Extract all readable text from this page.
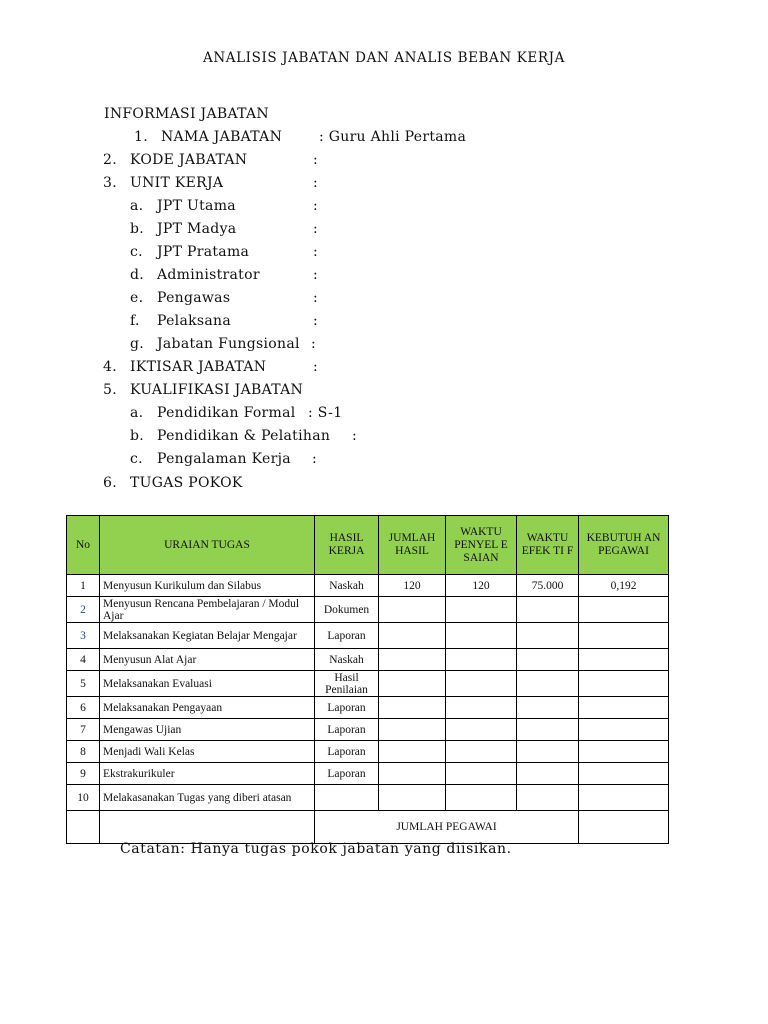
ANALISIS JABATAN DAN ANALIS BEBAN KERJA
INFORMASI JABATAN
1. NAMA JABATAN	: Guru Ahli Pertama
2. KODE JABATAN	:
3. UNIT KERJA	:
a. JPT Utama	:
b. JPT Madya	:
c. JPT Pratama	:
d. Administrator	:
e. Pengawas	:
f. Pelaksana	:
g. Jabatan Fungsional :
4. IKTISAR JABATAN	:
5. KUALIFIKASI JABATAN
a. Pendidikan Formal : S-1
b. Pendidikan & Pelatihan :
c. Pengalaman Kerja :
6. TUGAS POKOK
No	URAIAN TUGAS	HASIL KERJA	JUMLAH HASIL	WAKTU PENYEL E SAIAN	WAKTU EFEK TI F	KEBUTUH AN PEGAWAI
1	Menyusun Kurikulum dan Silabus	Naskah	120	120	75.000	0,192
2	Menyusun Rencana Pembelajaran / Modul Ajar	Dokumen				
3	Melaksanakan Kegiatan Belajar Mengajar	Laporan				
4	Menyusun Alat Ajar	Naskah				
5	Melaksanakan Evaluasi	Hasil Penilaian				
6	Melaksanakan Pengayaan	Laporan				
7	Mengawas Ujian	Laporan				
8	Menjadi Wali Kelas	Laporan				
9	Ekstrakurikuler	Laporan				
10	Melakasanakan Tugas yang diberi atasan					
		JUMLAH PEGAWAI				
Catatan: Hanya tugas pokok jabatan yang diisikan.
